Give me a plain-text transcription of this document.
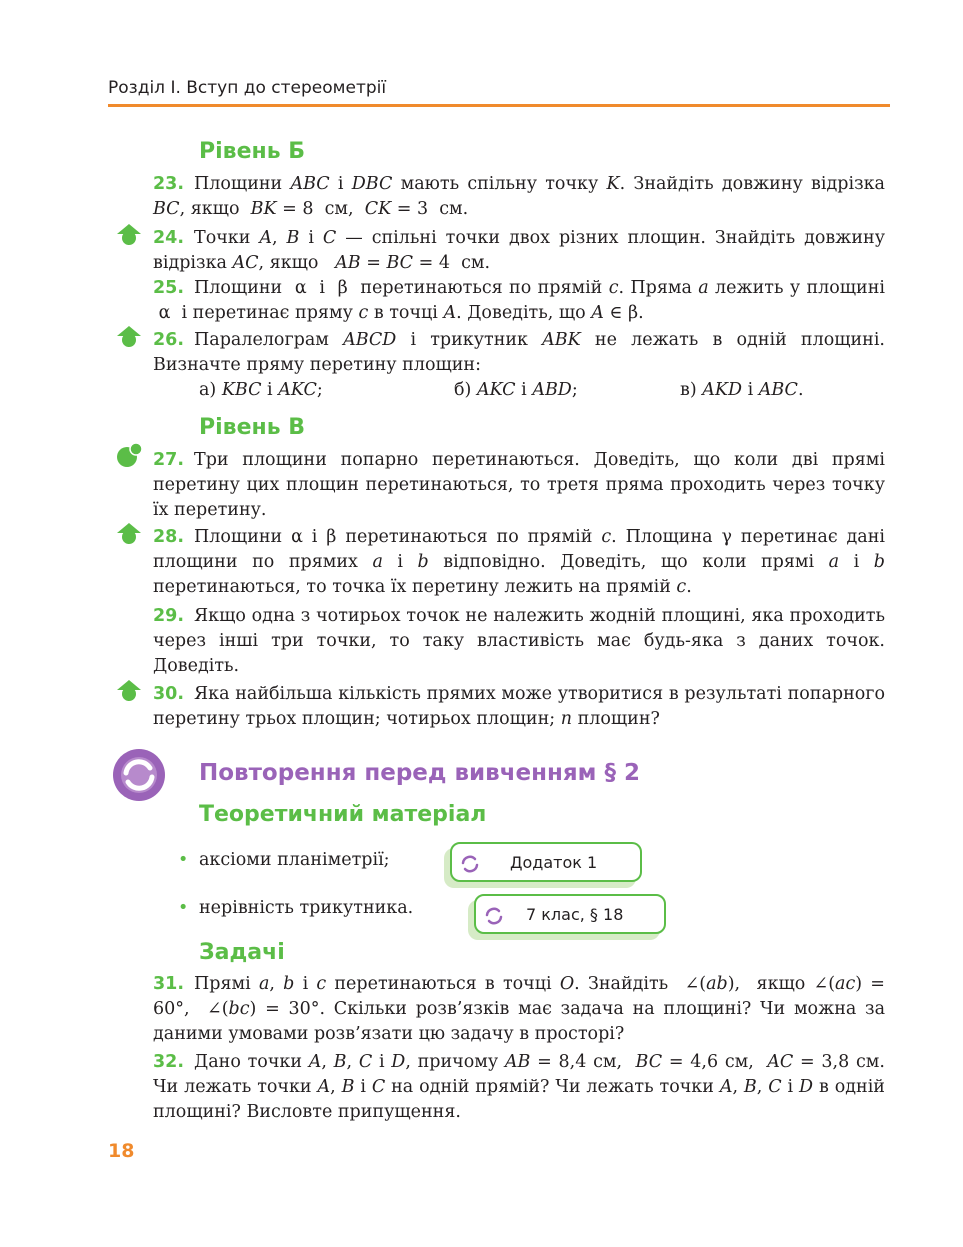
Розділ І. Вступ до стереометрії
Рівень Б
23. Площини ABC і DBC мають спільну точку K. Знайдіть довжину відрізка BC, якщо  BK = 8  см,  CK = 3  см.
24. Точки A, B і C — спільні точки двох різних площин. Знайдіть довжину відрізка AC, якщо   AB = BC = 4  см.
25. Площини  α  і  β  перетинаються по прямій c. Пряма a лежить у площині  α  і перетинає пряму c в точці A. Доведіть, що A ∈ β.
26. Паралелограм ABCD і трикутник ABK не лежать в одній площині. Визначте пряму перетину площин:
а) KBC і AKC;	б) AKC і ABD;	в) AKD і ABC.
Рівень В
27. Три площини попарно перетинаються. Доведіть, що коли дві прямі перетину цих площин перетинаються, то третя пряма проходить через точку їх перетину.
28. Площини α і β перетинаються по прямій c. Площина γ перетинає дані площини по прямих a і b відповідно. Доведіть, що коли прямі a і b перетинаються, то точка їх перетину лежить на прямій c.
29. Якщо одна з чотирьох точок не належить жодній площині, яка проходить через інші три точки, то таку властивість має будь-яка з даних точок. Доведіть.
30. Яка найбільша кількість прямих може утворитися в результаті попарного перетину трьох площин; чотирьох площин; n площин?
Повторення перед вивченням § 2
Теоретичний матеріал
• аксіоми планіметрії;	Додаток 1
• нерівність трикутника.	7 клас, § 18
Задачі
31. Прямі a, b і c перетинаються в точці O. Знайдіть  ∠(ab),  якщо ∠(ac) = 60°,  ∠(bc) = 30°. Скільки розв’язків має задача на площині? Чи можна за даними умовами розв’язати цю задачу в просторі?
32. Дано точки A, B, C і D, причому AB = 8,4 см,  BC = 4,6 см,  AC = 3,8 см. Чи лежать точки A, B і C на одній прямій? Чи лежать точки A, B, C і D в одній площині? Висловте припущення.
18
